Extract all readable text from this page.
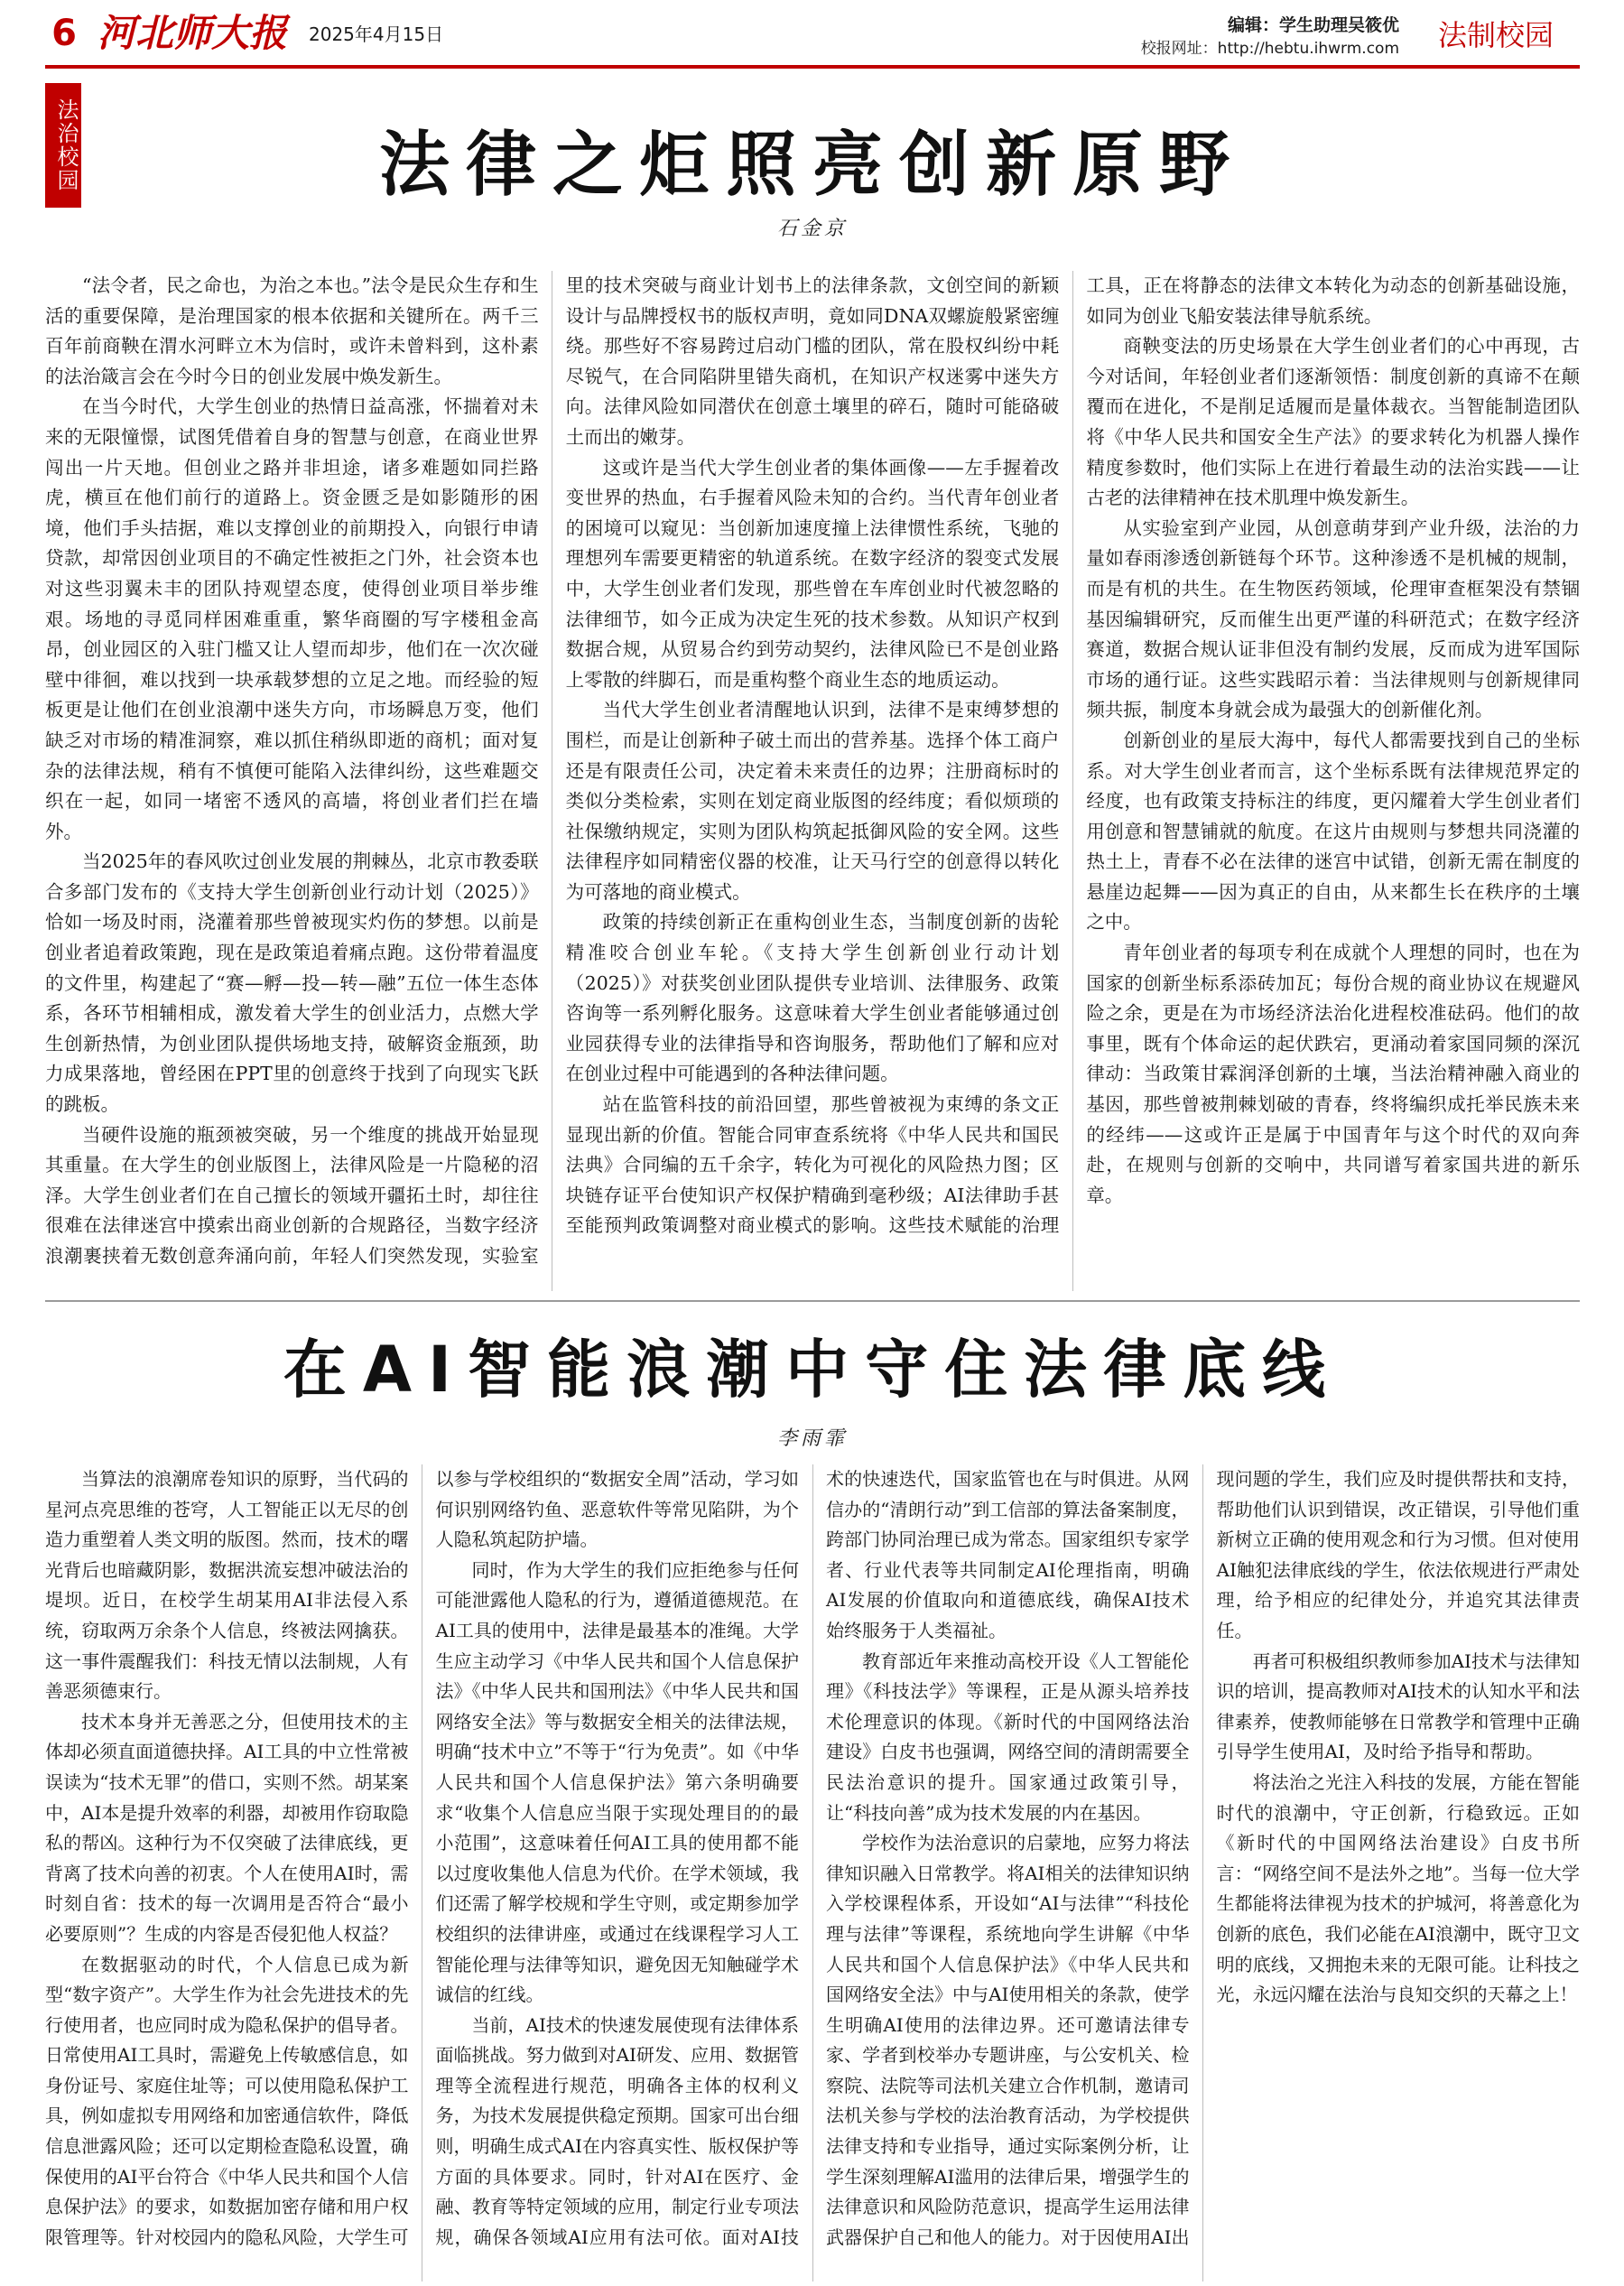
6 河北师大报	2025年4月15日	编辑：学生助理吴筱优
校报网址：http://hebtu.ihwrm.com	法制校园
法治校园	法律之炬照亮创新原野
石金京

“法令者，民之命也，为治之本也。”法令是民众生存和生活的重要保障，是治理国家的根本依据和关键所在。两千三百年前商鞅在渭水河畔立木为信时，或许未曾料到，这朴素的法治箴言会在今时今日的创业发展中焕发新生。

在当今时代，大学生创业的热情日益高涨，怀揣着对未来的无限憧憬，试图凭借着自身的智慧与创意，在商业世界闯出一片天地。但创业之路并非坦途，诸多难题如同拦路虎，横亘在他们前行的道路上。资金匮乏是如影随形的困境，他们手头拮据，难以支撑创业的前期投入，向银行申请贷款，却常因创业项目的不确定性被拒之门外，社会资本也对这些羽翼未丰的团队持观望态度，使得创业项目举步维艰。场地的寻觅同样困难重重，繁华商圈的写字楼租金高昂，创业园区的入驻门槛又让人望而却步，他们在一次次碰壁中徘徊，难以找到一块承载梦想的立足之地。而经验的短板更是让他们在创业浪潮中迷失方向，市场瞬息万变，他们缺乏对市场的精准洞察，难以抓住稍纵即逝的商机；面对复杂的法律法规，稍有不慎便可能陷入法律纠纷，这些难题交织在一起，如同一堵密不透风的高墙，将创业者们拦在墙外。

当2025年的春风吹过创业发展的荆棘丛，北京市教委联合多部门发布的《支持大学生创新创业行动计划（2025）》恰如一场及时雨，浇灌着那些曾被现实灼伤的梦想。以前是创业者追着政策跑，现在是政策追着痛点跑。这份带着温度的文件里，构建起了“赛—孵—投—转—融”五位一体生态体系，各环节相辅相成，激发着大学生的创业活力，点燃大学生创新热情，为创业团队提供场地支持，破解资金瓶颈，助力成果落地，曾经困在PPT里的创意终于找到了向现实飞跃的跳板。

当硬件设施的瓶颈被突破，另一个维度的挑战开始显现其重量。在大学生的创业版图上，法律风险是一片隐秘的沼泽。大学生创业者们在自己擅长的领域开疆拓土时，却往往很难在法律迷宫中摸索出商业创新的合规路径，当数字经济浪潮裹挟着无数创意奔涌向前，年轻人们突然发现，实验室里的技术突破与商业计划书上的法律条款，文创空间的新颖设计与品牌授权书的版权声明，竟如同DNA双螺旋般紧密缠绕。那些好不容易跨过启动门槛的团队，常在股权纠纷中耗尽锐气，在合同陷阱里错失商机，在知识产权迷雾中迷失方向。法律风险如同潜伏在创意土壤里的碎石，随时可能硌破土而出的嫩芽。

这或许是当代大学生创业者的集体画像——左手握着改变世界的热血，右手握着风险未知的合约。当代青年创业者的困境可以窥见：当创新加速度撞上法律惯性系统，飞驰的理想列车需要更精密的轨道系统。在数字经济的裂变式发展中，大学生创业者们发现，那些曾在车库创业时代被忽略的法律细节，如今正成为决定生死的技术参数。从知识产权到数据合规，从贸易合约到劳动契约，法律风险已不是创业路上零散的绊脚石，而是重构整个商业生态的地质运动。

当代大学生创业者清醒地认识到，法律不是束缚梦想的围栏，而是让创新种子破土而出的营养基。选择个体工商户还是有限责任公司，决定着未来责任的边界；注册商标时的类似分类检索，实则在划定商业版图的经纬度；看似烦琐的社保缴纳规定，实则为团队构筑起抵御风险的安全网。这些法律程序如同精密仪器的校准，让天马行空的创意得以转化为可落地的商业模式。

政策的持续创新正在重构创业生态，当制度创新的齿轮精准咬合创业车轮。《支持大学生创新创业行动计划（2025）》对获奖创业团队提供专业培训、法律服务、政策咨询等一系列孵化服务。这意味着大学生创业者能够通过创业园获得专业的法律指导和咨询服务，帮助他们了解和应对在创业过程中可能遇到的各种法律问题。

站在监管科技的前沿回望，那些曾被视为束缚的条文正显现出新的价值。智能合同审查系统将《中华人民共和国民法典》合同编的五千余字，转化为可视化的风险热力图；区块链存证平台使知识产权保护精确到毫秒级；AI法律助手甚至能预判政策调整对商业模式的影响。这些技术赋能的治理工具，正在将静态的法律文本转化为动态的创新基础设施，如同为创业飞船安装法律导航系统。

商鞅变法的历史场景在大学生创业者们的心中再现，古今对话间，年轻创业者们逐渐领悟：制度创新的真谛不在颠覆而在进化，不是削足适履而是量体裁衣。当智能制造团队将《中华人民共和国安全生产法》的要求转化为机器人操作精度参数时，他们实际上在进行着最生动的法治实践——让古老的法律精神在技术肌理中焕发新生。

从实验室到产业园，从创意萌芽到产业升级，法治的力量如春雨渗透创新链每个环节。这种渗透不是机械的规制，而是有机的共生。在生物医药领域，伦理审查框架没有禁锢基因编辑研究，反而催生出更严谨的科研范式；在数字经济赛道，数据合规认证非但没有制约发展，反而成为进军国际市场的通行证。这些实践昭示着：当法律规则与创新规律同频共振，制度本身就会成为最强大的创新催化剂。

创新创业的星辰大海中，每代人都需要找到自己的坐标系。对大学生创业者而言，这个坐标系既有法律规范界定的经度，也有政策支持标注的纬度，更闪耀着大学生创业者们用创意和智慧铺就的航度。在这片由规则与梦想共同浇灌的热土上，青春不必在法律的迷宫中试错，创新无需在制度的悬崖边起舞——因为真正的自由，从来都生长在秩序的土壤之中。

青年创业者的每项专利在成就个人理想的同时，也在为国家的创新坐标系添砖加瓦；每份合规的商业协议在规避风险之余，更是在为市场经济法治化进程校准砝码。他们的故事里，既有个体命运的起伏跌宕，更涌动着家国同频的深沉律动：当政策甘霖润泽创新的土壤，当法治精神融入商业的基因，那些曾被荆棘划破的青春，终将编织成托举民族未来的经纬——这或许正是属于中国青年与这个时代的双向奔赴，在规则与创新的交响中，共同谱写着家国共进的新乐章。

在AI智能浪潮中守住法律底线
李雨霏

当算法的浪潮席卷知识的原野，当代码的星河点亮思维的苍穹，人工智能正以无尽的创造力重塑着人类文明的版图。然而，技术的曙光背后也暗藏阴影，数据洪流妄想冲破法治的堤坝。近日，在校学生胡某用AI非法侵入系统，窃取两万余条个人信息，终被法网擒获。这一事件震醒我们：科技无情以法制规，人有善恶须德束行。

技术本身并无善恶之分，但使用技术的主体却必须直面道德抉择。AI工具的中立性常被误读为“技术无罪”的借口，实则不然。胡某案中，AI本是提升效率的利器，却被用作窃取隐私的帮凶。这种行为不仅突破了法律底线，更背离了技术向善的初衷。个人在使用AI时，需时刻自省：技术的每一次调用是否符合“最小必要原则”？生成的内容是否侵犯他人权益？

在数据驱动的时代，个人信息已成为新型“数字资产”。大学生作为社会先进技术的先行使用者，也应同时成为隐私保护的倡导者。日常使用AI工具时，需避免上传敏感信息，如身份证号、家庭住址等；可以使用隐私保护工具，例如虚拟专用网络和加密通信软件，降低信息泄露风险；还可以定期检查隐私设置，确保使用的AI平台符合《中华人民共和国个人信息保护法》的要求，如数据加密存储和用户权限管理等。针对校园内的隐私风险，大学生可以参与学校组织的“数据安全周”活动，学习如何识别网络钓鱼、恶意软件等常见陷阱，为个人隐私筑起防护墙。

同时，作为大学生的我们应拒绝参与任何可能泄露他人隐私的行为，遵循道德规范。在AI工具的使用中，法律是最基本的准绳。大学生应主动学习《中华人民共和国个人信息保护法》《中华人民共和国刑法》《中华人民共和国网络安全法》等与数据安全相关的法律法规，明确“技术中立”不等于“行为免责”。如《中华人民共和国个人信息保护法》第六条明确要求“收集个人信息应当限于实现处理目的的最小范围”，这意味着任何AI工具的使用都不能以过度收集他人信息为代价。在学术领域，我们还需了解学校规和学生守则，或定期参加学校组织的法律讲座，或通过在线课程学习人工智能伦理与法律等知识，避免因无知触碰学术诚信的红线。

当前，AI技术的快速发展使现有法律体系面临挑战。努力做到对AI研发、应用、数据管理等全流程进行规范，明确各主体的权利义务，为技术发展提供稳定预期。国家可出台细则，明确生成式AI在内容真实性、版权保护等方面的具体要求。同时，针对AI在医疗、金融、教育等特定领域的应用，制定行业专项法规，确保各领域AI应用有法可依。面对AI技术的快速迭代，国家监管也在与时俱进。从网信办的“清朗行动”到工信部的算法备案制度，跨部门协同治理已成为常态。国家组织专家学者、行业代表等共同制定AI伦理指南，明确AI发展的价值取向和道德底线，确保AI技术始终服务于人类福祉。

教育部近年来推动高校开设《人工智能伦理》《科技法学》等课程，正是从源头培养技术伦理意识的体现。《新时代的中国网络法治建设》白皮书也强调，网络空间的清朗需要全民法治意识的提升。国家通过政策引导，让“科技向善”成为技术发展的内在基因。

学校作为法治意识的启蒙地，应努力将法律知识融入日常教学。将AI相关的法律知识纳入学校课程体系，开设如“AI与法律”“科技伦理与法律”等课程，系统地向学生讲解《中华人民共和国个人信息保护法》《中华人民共和国网络安全法》中与AI使用相关的条款，使学生明确AI使用的法律边界。还可邀请法律专家、学者到校举办专题讲座，与公安机关、检察院、法院等司法机关建立合作机制，邀请司法机关参与学校的法治教育活动，为学校提供法律支持和专业指导，通过实际案例分析，让学生深刻理解AI滥用的法律后果，增强学生的法律意识和风险防范意识，提高学生运用法律武器保护自己和他人的能力。对于因使用AI出现问题的学生，我们应及时提供帮扶和支持，帮助他们认识到错误，改正错误，引导他们重新树立正确的使用观念和行为习惯。但对使用AI触犯法律底线的学生，依法依规进行严肃处理，给予相应的纪律处分，并追究其法律责任。

再者可积极组织教师参加AI技术与法律知识的培训，提高教师对AI技术的认知水平和法律素养，使教师能够在日常教学和管理中正确引导学生使用AI，及时给予指导和帮助。

将法治之光注入科技的发展，方能在智能时代的浪潮中，守正创新，行稳致远。正如《新时代的中国网络法治建设》白皮书所言：“网络空间不是法外之地”。当每一位大学生都能将法律视为技术的护城河，将善意化为创新的底色，我们必能在AI浪潮中，既守卫文明的底线，又拥抱未来的无限可能。让科技之光，永远闪耀在法治与良知交织的天幕之上！
